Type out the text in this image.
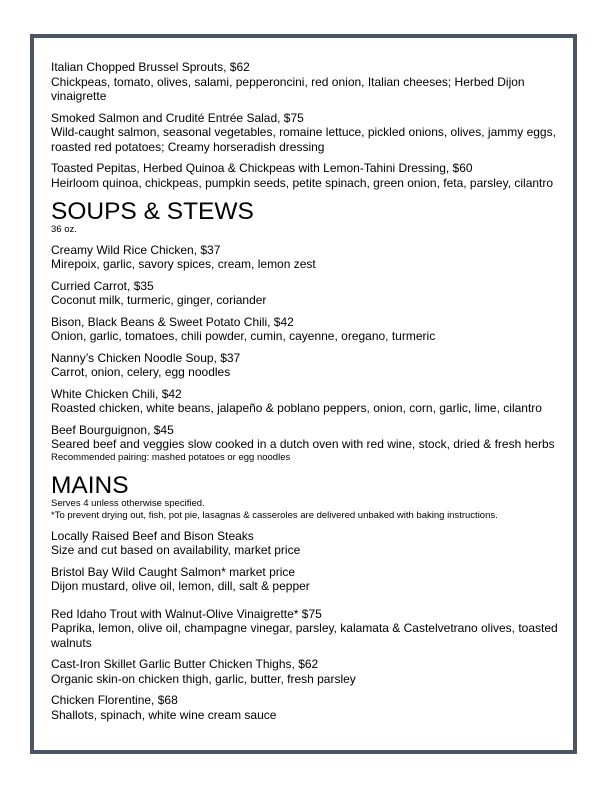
Italian Chopped Brussel Sprouts, $62
Chickpeas, tomato, olives, salami, pepperoncini, red onion, Italian cheeses; Herbed Dijon
vinaigrette
Smoked Salmon and Crudité Entrée Salad, $75
Wild-caught salmon, seasonal vegetables, romaine lettuce, pickled onions, olives, jammy eggs,
roasted red potatoes; Creamy horseradish dressing
Toasted Pepitas, Herbed Quinoa & Chickpeas with Lemon-Tahini Dressing, $60
Heirloom quinoa, chickpeas, pumpkin seeds, petite spinach, green onion, feta, parsley, cilantro
SOUPS & STEWS
36 oz.
Creamy Wild Rice Chicken, $37
Mirepoix, garlic, savory spices, cream, lemon zest
Curried Carrot, $35
Coconut milk, turmeric, ginger, coriander
Bison, Black Beans & Sweet Potato Chili, $42
Onion, garlic, tomatoes, chili powder, cumin, cayenne, oregano, turmeric
Nanny’s Chicken Noodle Soup, $37
Carrot, onion, celery, egg noodles
White Chicken Chili, $42
Roasted chicken, white beans, jalapeño & poblano peppers, onion, corn, garlic, lime, cilantro
Beef Bourguignon, $45
Seared beef and veggies slow cooked in a dutch oven with red wine, stock, dried & fresh herbs
Recommended pairing: mashed potatoes or egg noodles
MAINS
Serves 4 unless otherwise specified.
*To prevent drying out, fish, pot pie, lasagnas & casseroles are delivered unbaked with baking instructions.
Locally Raised Beef and Bison Steaks
Size and cut based on availability, market price
Bristol Bay Wild Caught Salmon* market price
Dijon mustard, olive oil, lemon, dill, salt & pepper
Red Idaho Trout with Walnut-Olive Vinaigrette* $75
Paprika, lemon, olive oil, champagne vinegar, parsley, kalamata & Castelvetrano olives, toasted
walnuts
Cast-Iron Skillet Garlic Butter Chicken Thighs, $62
Organic skin-on chicken thigh, garlic, butter, fresh parsley
Chicken Florentine, $68
Shallots, spinach, white wine cream sauce
